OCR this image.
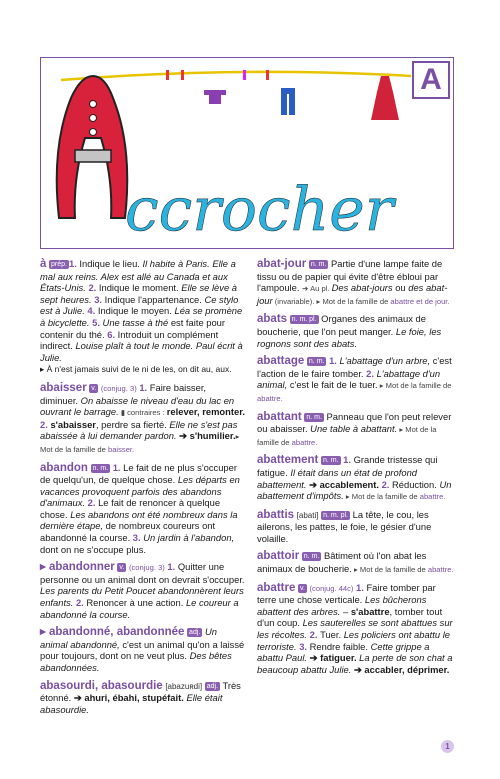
ccrocher
A
à prép. 1. Indique le lieu. Il habite à Paris. Elle a mal aux reins. Alex est allé au Canada et aux États-Unis. 2. Indique le moment. Elle se lève à sept heures. 3. Indique l'appartenance. Ce stylo est à Julie. 4. Indique le moyen. Léa se promène à bicyclette. 5. Une tasse à thé est faite pour contenir du thé. 6. Introduit un complément indirect. Louise plaît à tout le monde. Paul écrit à Julie.
▸ À n'est jamais suivi de le ni de les, on dit au, aux.
abaisser v. (conjug. 3) 1. Faire baisser, diminuer. On abaisse le niveau d'eau du lac en ouvrant le barrage. ▮ contraires : relever, remonter. 2. s'abaisser, perdre sa fierté. Elle ne s'est pas abaissée à lui demander pardon. ➔ s'humilier.▸ Mot de la famille de baisser.
abandon n. m. 1. Le fait de ne plus s'occuper de quelqu'un, de quelque chose. Les départs en vacances provoquent parfois des abandons d'animaux. 2. Le fait de renoncer à quelque chose. Les abandons ont été nombreux dans la dernière étape, de nombreux coureurs ont abandonné la course. 3. Un jardin à l'abandon, dont on ne s'occupe plus.
▸ abandonner v. (conjug. 3) 1. Quitter une personne ou un animal dont on devrait s'occuper. Les parents du Petit Poucet abandonnèrent leurs enfants. 2. Renoncer à une action. Le coureur a abandonné la course.
▸ abandonné, abandonnée adj. Un animal abandonné, c'est un animal qu'on a laissé pour toujours, dont on ne veut plus. Des bêtes abandonnées.
abasourdi, abasourdie [abazuʀdi] adj. Très étonné. ➔ ahuri, ébahi, stupéfait. Elle était abasourdie.
abat-jour n. m. Partie d'une lampe faite de tissu ou de papier qui évite d'être ébloui par l'ampoule. ➔ Au pl. Des abat-jours ou des abat-jour (invariable). ▸ Mot de la famille de abattre et de jour.
abats n. m. pl. Organes des animaux de boucherie, que l'on peut manger. Le foie, les rognons sont des abats.
abattage n. m. 1. L'abattage d'un arbre, c'est l'action de le faire tomber. 2. L'abattage d'un animal, c'est le fait de le tuer. ▸ Mot de la famille de abattre.
abattant n. m. Panneau que l'on peut relever ou abaisser. Une table à abattant. ▸ Mot de la famille de abattre.
abattement n. m. 1. Grande tristesse qui fatigue. Il était dans un état de profond abattement. ➔ accablement. 2. Réduction. Un abattement d'impôts. ▸ Mot de la famille de abattre.
abattis [abati] n. m. pl. La tête, le cou, les ailerons, les pattes, le foie, le gésier d'une volaille.
abattoir n. m. Bâtiment où l'on abat les animaux de boucherie. ▸ Mot de la famille de abattre.
abattre v. (conjug. 44c) 1. Faire tomber par terre une chose verticale. Les bûcherons abattent des arbres. – s'abattre, tomber tout d'un coup. Les sauterelles se sont abattues sur les récoltes. 2. Tuer. Les policiers ont abattu le terroriste. 3. Rendre faible. Cette grippe a abattu Paul. ➔ fatiguer. La perte de son chat a beaucoup abattu Julie. ➔ accabler, déprimer.
1
